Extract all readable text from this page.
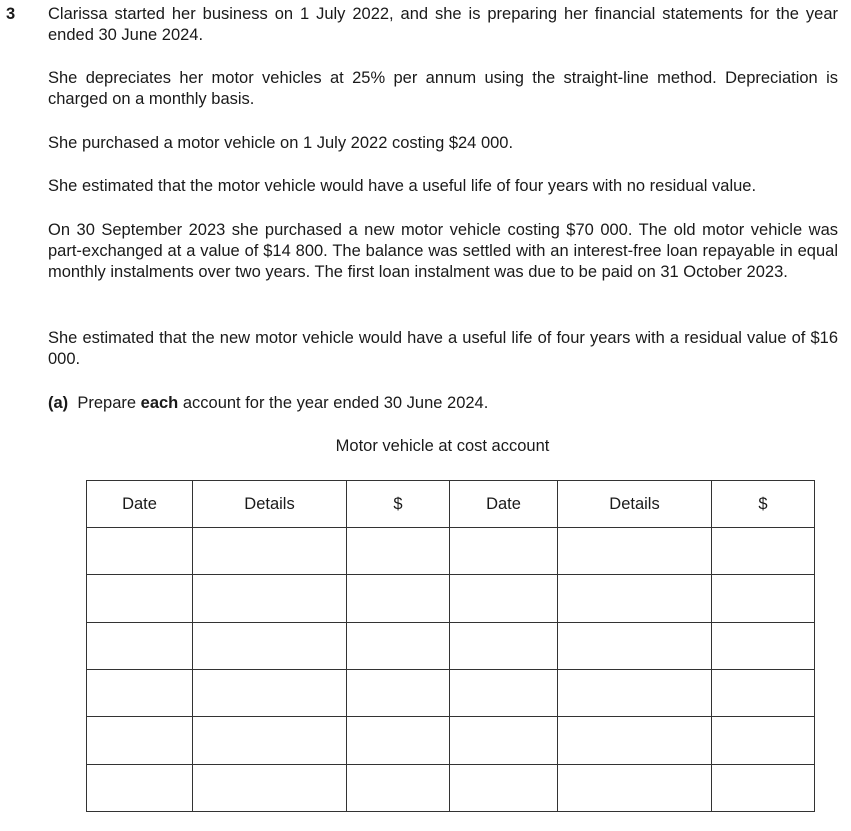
3 Clarissa started her business on 1 July 2022, and she is preparing her financial statements for the year ended 30 June 2024.

She depreciates her motor vehicles at 25% per annum using the straight-line method. Depreciation is charged on a monthly basis.

She purchased a motor vehicle on 1 July 2022 costing $24 000.

She estimated that the motor vehicle would have a useful life of four years with no residual value.

On 30 September 2023 she purchased a new motor vehicle costing $70 000. The old motor vehicle was part-exchanged at a value of $14 800. The balance was settled with an interest-free loan repayable in equal monthly instalments over two years. The first loan instalment was due to be paid on 31 October 2023.

She estimated that the new motor vehicle would have a useful life of four years with a residual value of $16 000.

(a) Prepare each account for the year ended 30 June 2024.
Motor vehicle at cost account
Date	Details	$	Date	Details	$
